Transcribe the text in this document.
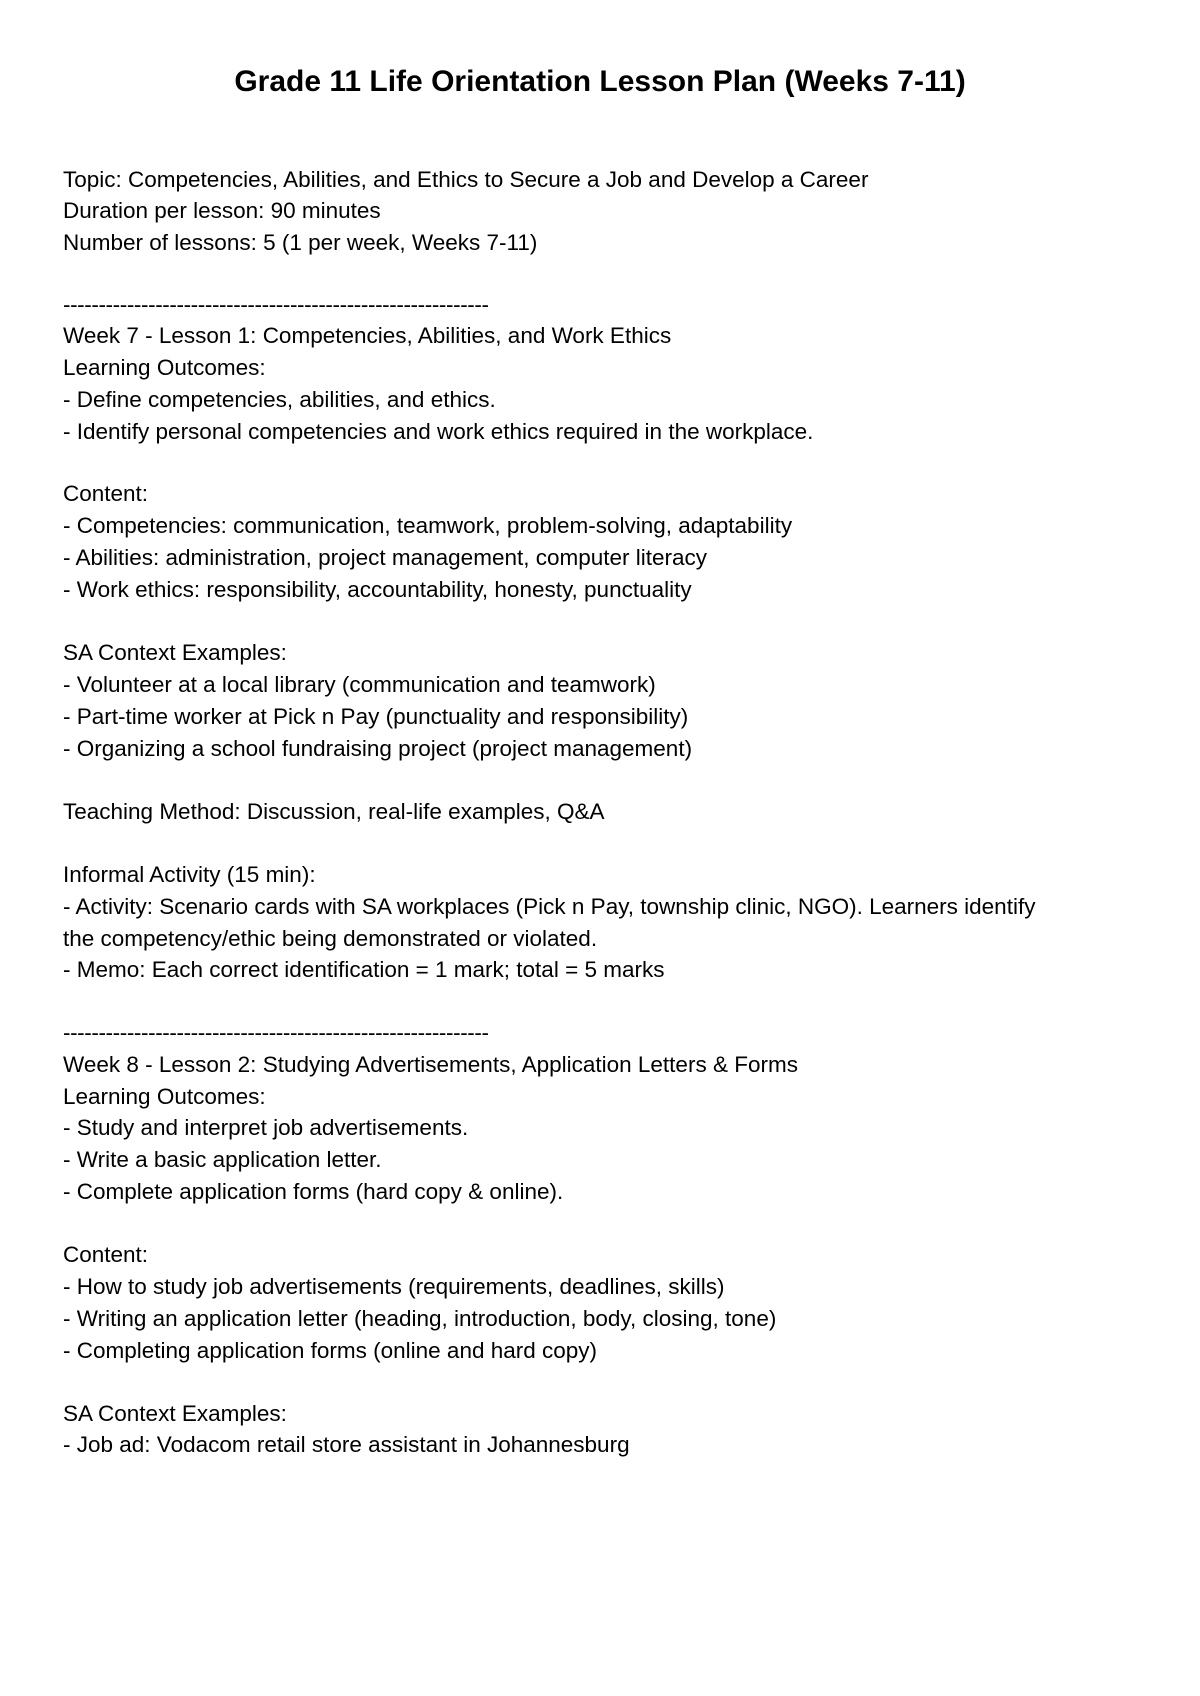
Grade 11 Life Orientation Lesson Plan (Weeks 7-11)

Topic: Competencies, Abilities, and Ethics to Secure a Job and Develop a Career

Duration per lesson: 90 minutes

Number of lessons: 5 (1 per week, Weeks 7-11)

------------------------------------------------------------

Week 7 - Lesson 1: Competencies, Abilities, and Work Ethics

Learning Outcomes:

- Define competencies, abilities, and ethics.

- Identify personal competencies and work ethics required in the workplace.

Content:

- Competencies: communication, teamwork, problem-solving, adaptability

- Abilities: administration, project management, computer literacy

- Work ethics: responsibility, accountability, honesty, punctuality

SA Context Examples:

- Volunteer at a local library (communication and teamwork)

- Part-time worker at Pick n Pay (punctuality and responsibility)

- Organizing a school fundraising project (project management)

Teaching Method: Discussion, real-life examples, Q&A

Informal Activity (15 min):

- Activity: Scenario cards with SA workplaces (Pick n Pay, township clinic, NGO). Learners identify

the competency/ethic being demonstrated or violated.

- Memo: Each correct identification = 1 mark; total = 5 marks

------------------------------------------------------------

Week 8 - Lesson 2: Studying Advertisements, Application Letters & Forms

Learning Outcomes:

- Study and interpret job advertisements.

- Write a basic application letter.

- Complete application forms (hard copy & online).

Content:

- How to study job advertisements (requirements, deadlines, skills)

- Writing an application letter (heading, introduction, body, closing, tone)

- Completing application forms (online and hard copy)

SA Context Examples:

- Job ad: Vodacom retail store assistant in Johannesburg
